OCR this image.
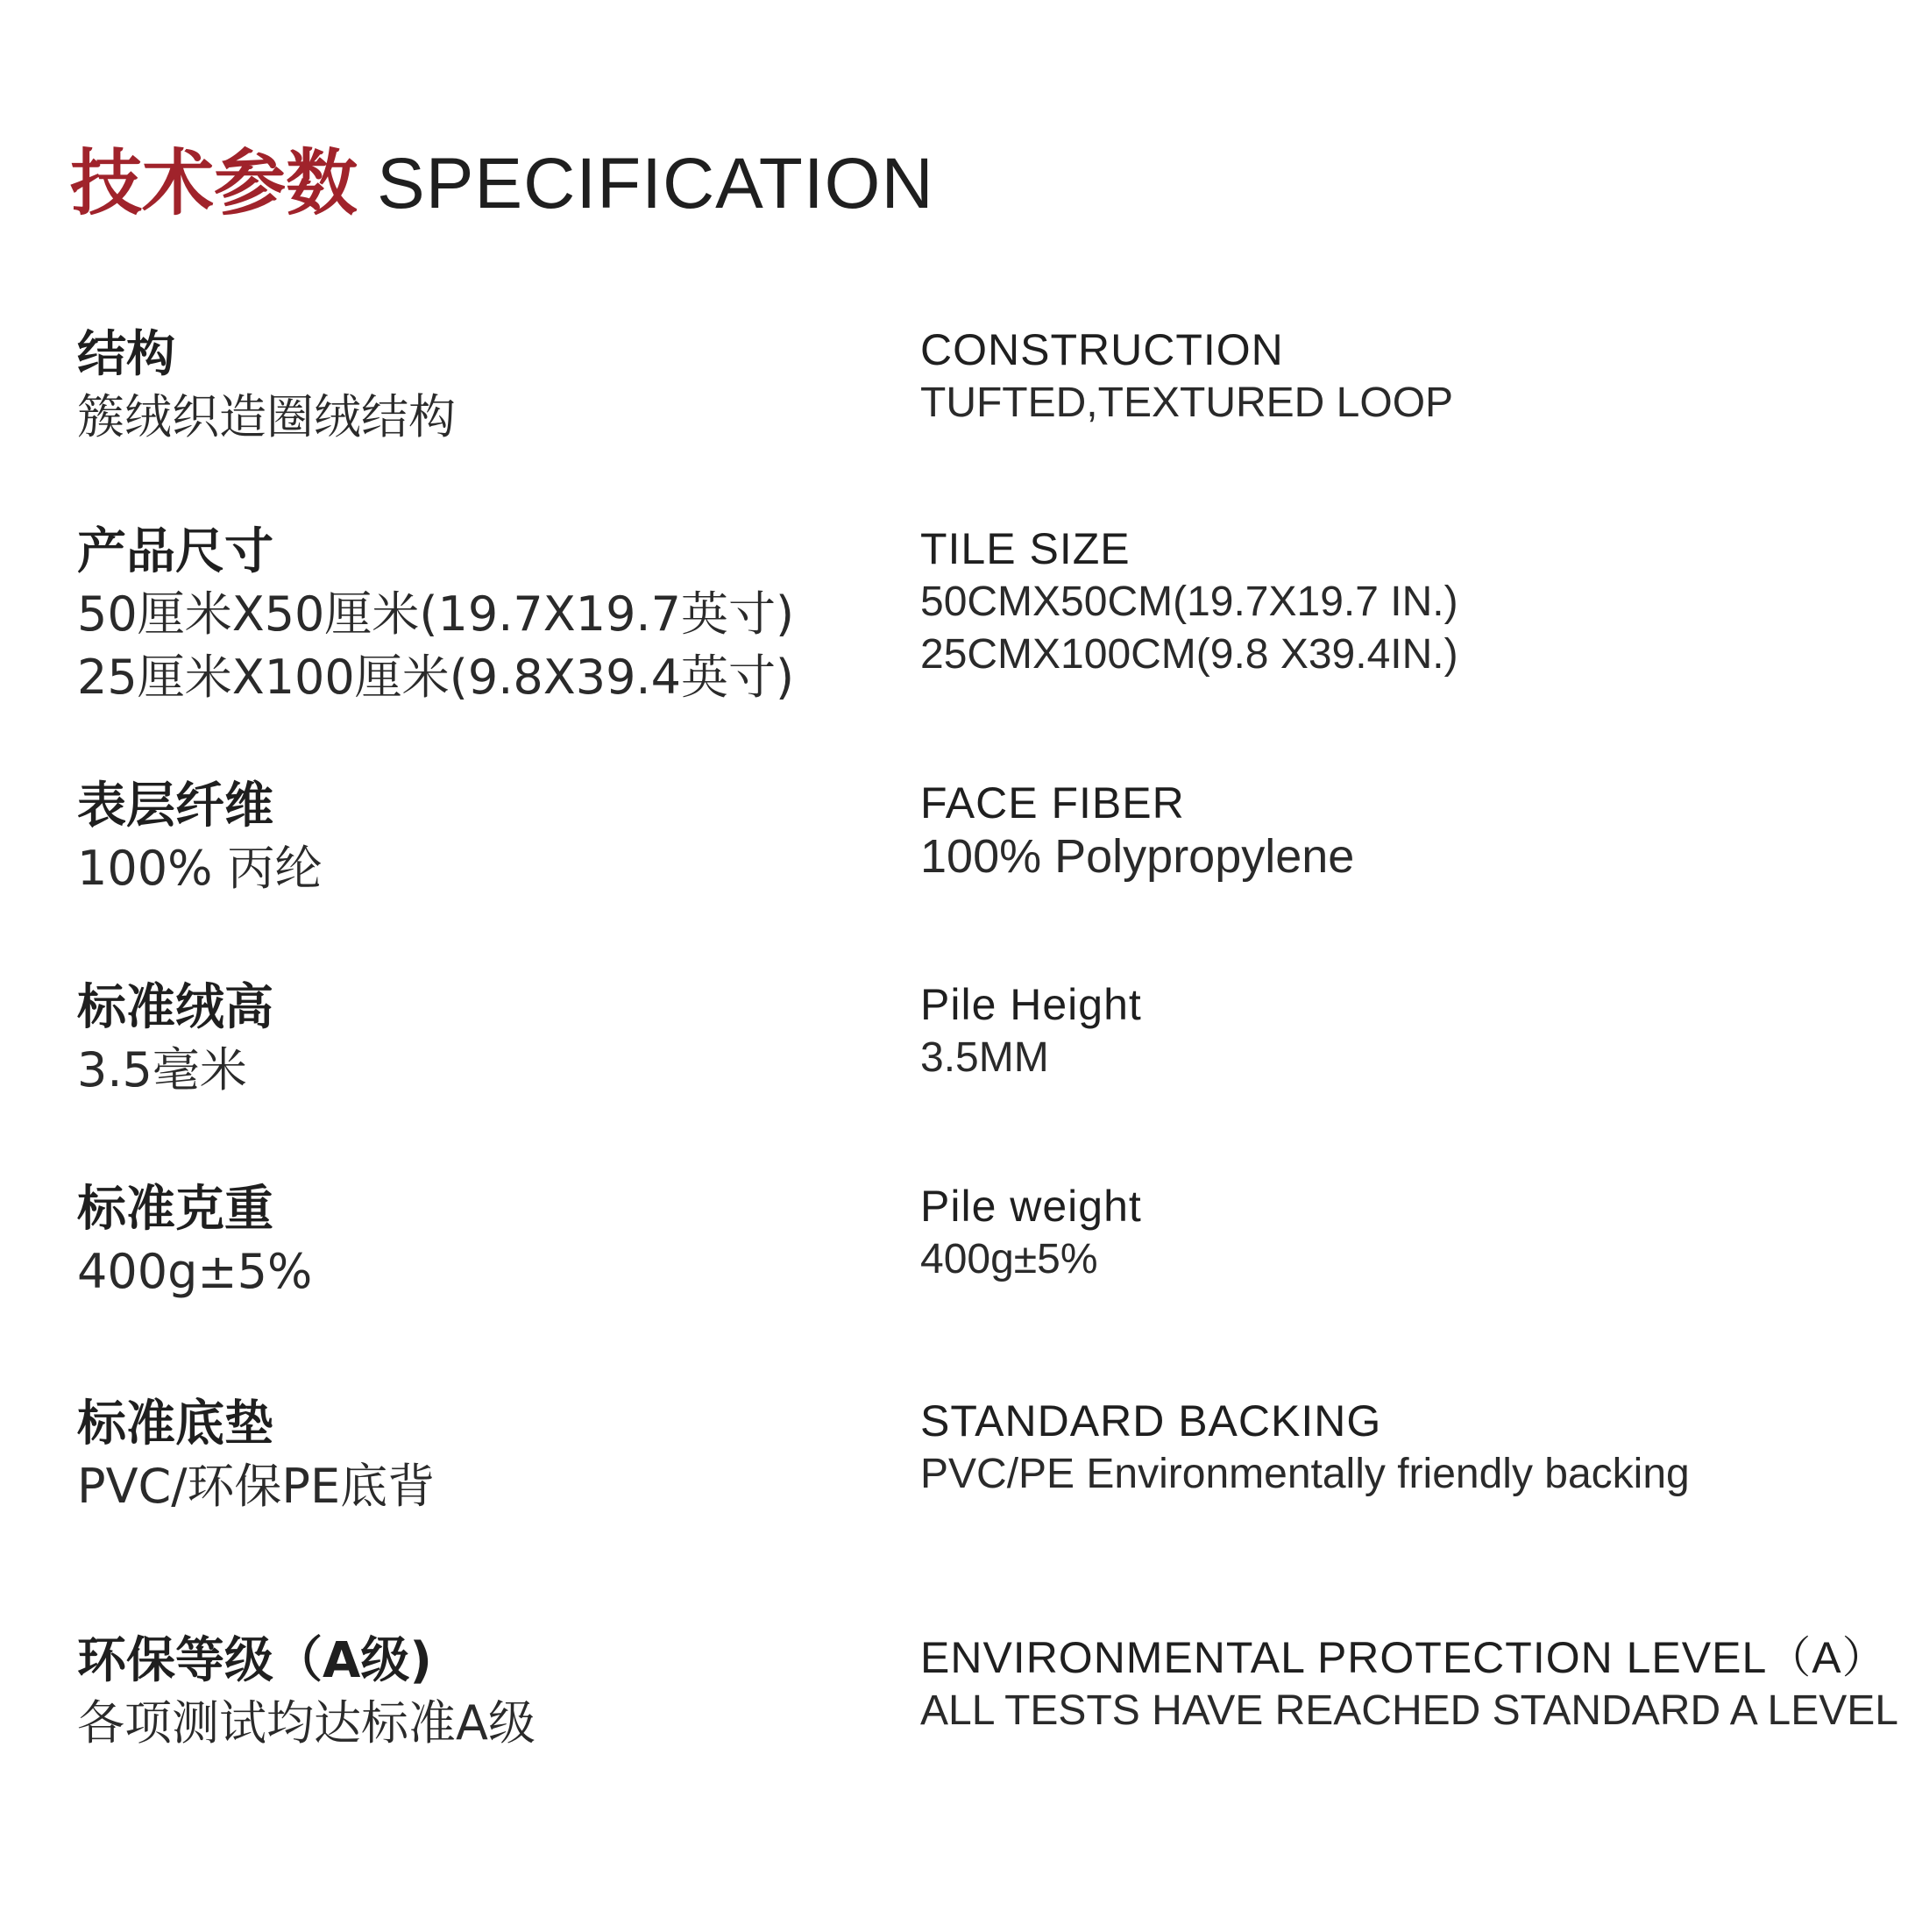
技术参数 SPECIFICATION
结构
簇绒织造圈绒结构
CONSTRUCTION
TUFTED,TEXTURED LOOP
产品尺寸
50厘米X50厘米(19.7X19.7英寸)
25厘米X100厘米(9.8X39.4英寸)
TILE SIZE
50CMX50CM(19.7X19.7 IN.)
25CMX100CM(9.8 X39.4IN.)
表层纤维
100% 丙纶
FACE FIBER
100% Polypropylene
标准绒高
3.5毫米
Pile Height
3.5MM
标准克重
400g±5%
Pile weight
400g±5%
标准底垫
PVC/环保PE底背
STANDARD BACKING
PVC/PE Environmentally friendly backing
环保等级（A级)
各项测试均达标准A级
ENVIRONMENTAL PROTECTION LEVEL（A）
ALL TESTS HAVE REACHED STANDARD A LEVEL
